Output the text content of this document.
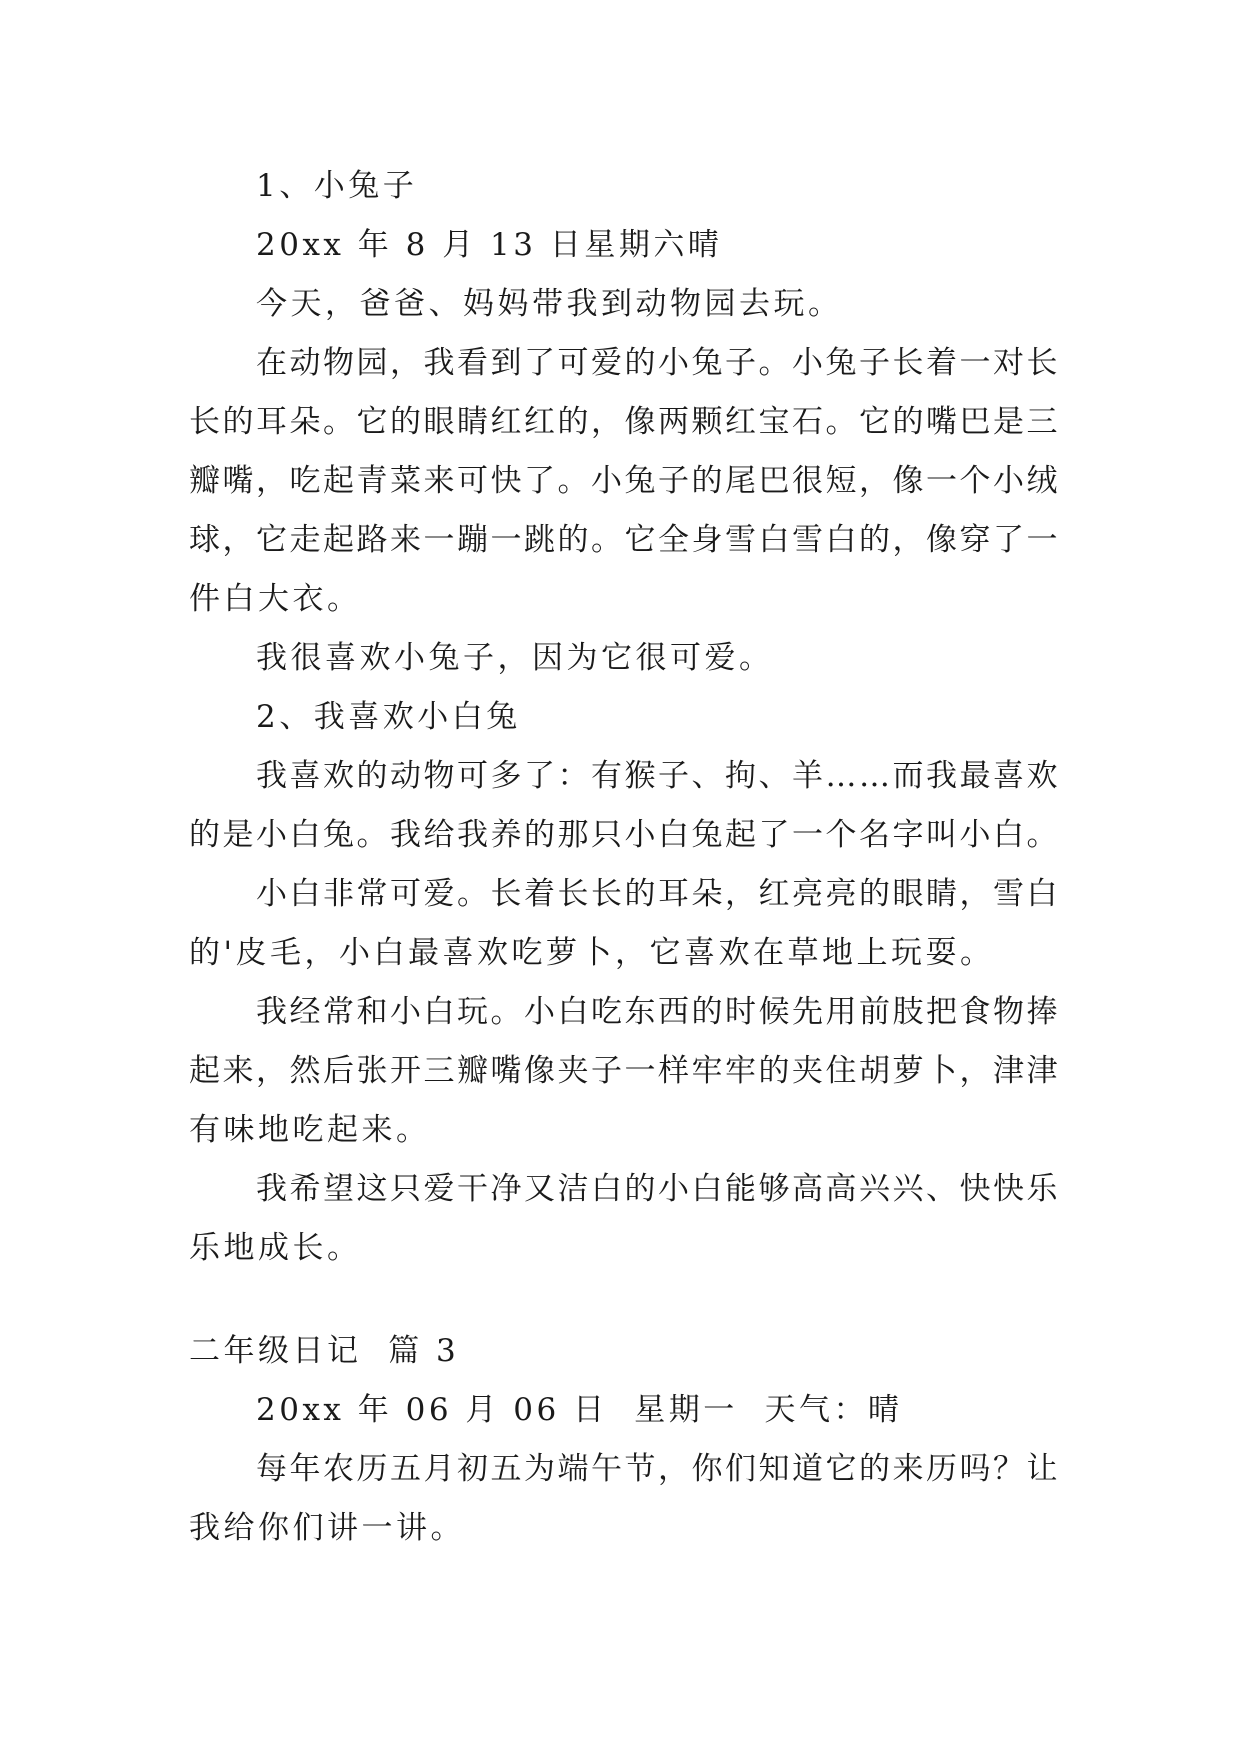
1、小兔子
20xx 年 8 月 13 日星期六晴
今天，爸爸、妈妈带我到动物园去玩。
在动物园，我看到了可爱的小兔子。小兔子长着一对长
长的耳朵。它的眼睛红红的，像两颗红宝石。它的嘴巴是三
瓣嘴，吃起青菜来可快了。小兔子的尾巴很短，像一个小绒
球，它走起路来一蹦一跳的。它全身雪白雪白的，像穿了一
件白大衣。
我很喜欢小兔子，因为它很可爱。
2、我喜欢小白兔
我喜欢的动物可多了：有猴子、拘、羊……而我最喜欢
的是小白兔。我给我养的那只小白兔起了一个名字叫小白。
小白非常可爱。长着长长的耳朵，红亮亮的眼睛，雪白
的'皮毛，小白最喜欢吃萝卜，它喜欢在草地上玩耍。
我经常和小白玩。小白吃东西的时候先用前肢把食物捧
起来，然后张开三瓣嘴像夹子一样牢牢的夹住胡萝卜，津津
有味地吃起来。
我希望这只爱干净又洁白的小白能够高高兴兴、快快乐
乐地成长。
二年级日记  篇 3
20xx 年 06 月 06 日  星期一  天气：晴
每年农历五月初五为端午节，你们知道它的来历吗？让
我给你们讲一讲。
